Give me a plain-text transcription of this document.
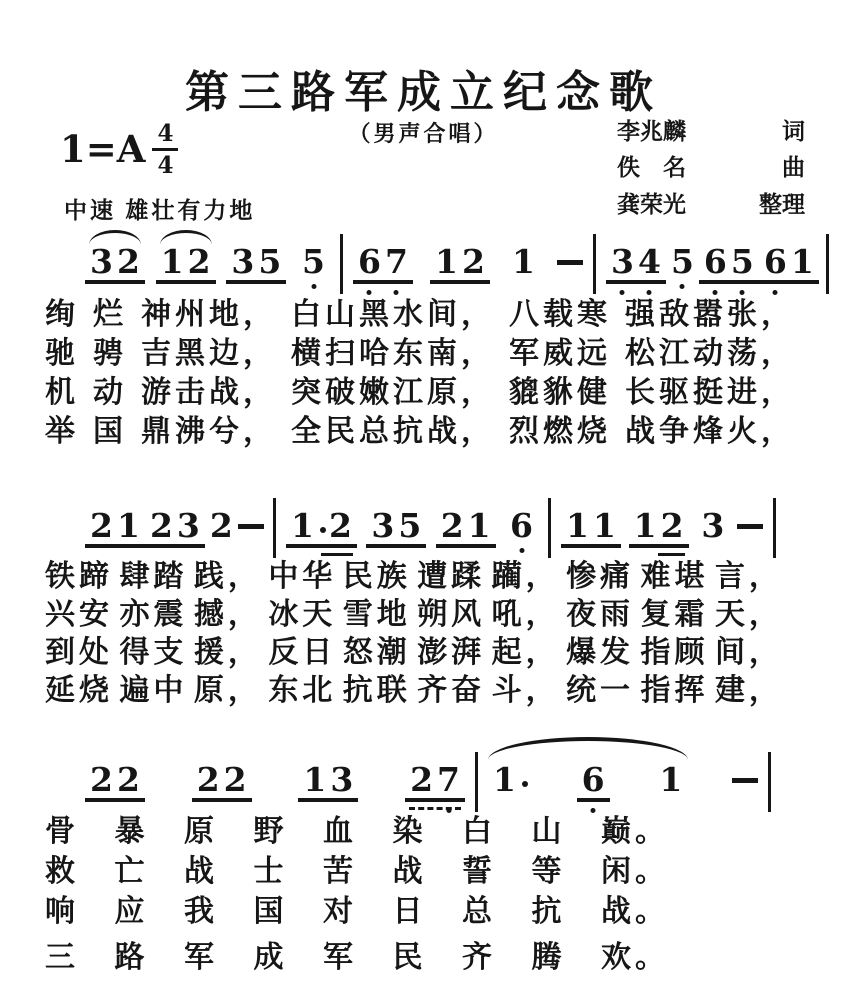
第三路军成立纪念歌
（男声合唱）
$1=A \frac{4}{4}$
中速 雄壮有力地
李兆麟	词
佚　名	曲
龚荣光	整理
3 2 1 2 3 5 5 6 7 1 2 1 3 4 5 6 5 6 1
2 1 2 3 2 1 2 3 5 2 1 6 1 1 1 2 3
2 2 2 2 1 3 2 7 1 6 1
绚 烂 神州地， 白山黑水间， 八载寒 强敌嚣张，
驰 骋 吉黑边， 横扫哈东南， 军威远 松江动荡，
机 动 游击战， 突破嫩江原， 貔貅健 长驱挺进，
举 国 鼎沸兮， 全民总抗战， 烈燃烧 战争烽火，
铁蹄 肆踏 践， 中华 民族 遭蹂 躏， 惨痛 难堪 言，
兴安 亦震 撼， 冰天 雪地 朔风 吼， 夜雨 复霜 天，
到处 得支 援， 反日 怒潮 澎湃 起， 爆发 指顾 间，
延烧 遍中 原， 东北 抗联 齐奋 斗， 统一 指挥 建，
骨 暴 原 野 血 染 白 山 巅。
救 亡 战 士 苦 战 誓 等 闲。
响 应 我 国 对 日 总 抗 战。
三 路 军 成 军 民 齐 腾 欢。
